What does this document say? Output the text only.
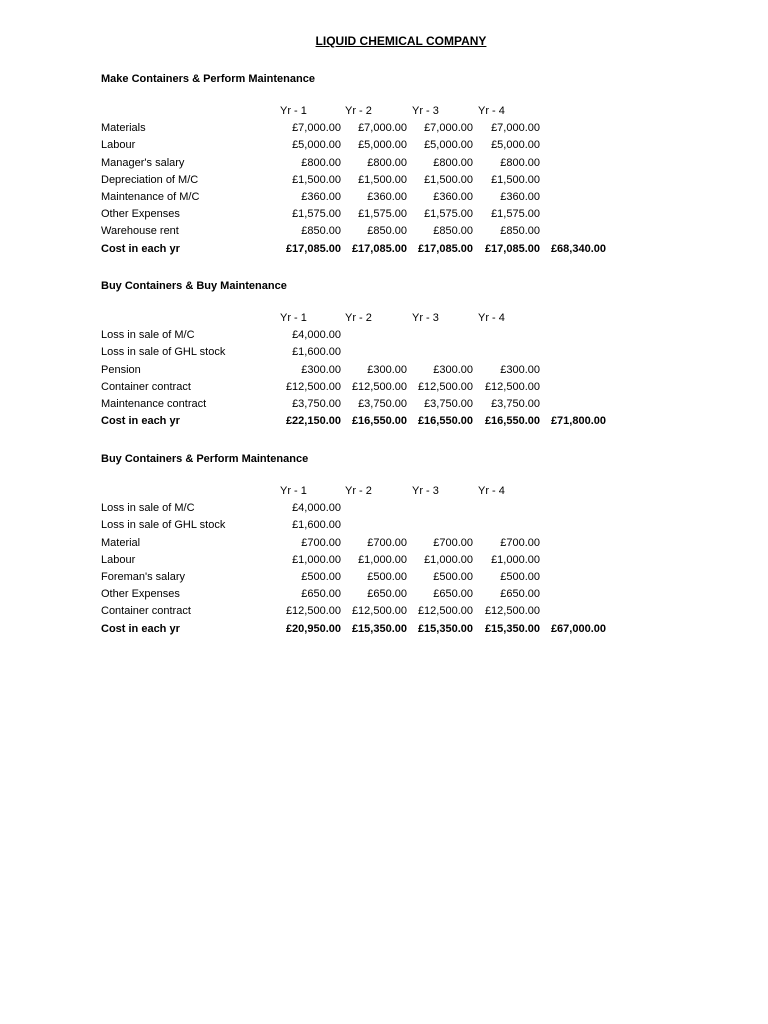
LIQUID CHEMICAL COMPANY
Make Containers & Perform Maintenance
Yr - 1	Yr - 2	Yr - 3	Yr - 4
Materials	£7,000.00	£7,000.00	£7,000.00	£7,000.00
Labour	£5,000.00	£5,000.00	£5,000.00	£5,000.00
Manager's salary	£800.00	£800.00	£800.00	£800.00
Depreciation of M/C	£1,500.00	£1,500.00	£1,500.00	£1,500.00
Maintenance of M/C	£360.00	£360.00	£360.00	£360.00
Other Expenses	£1,575.00	£1,575.00	£1,575.00	£1,575.00
Warehouse rent	£850.00	£850.00	£850.00	£850.00
Cost in each yr	£17,085.00 £17,085.00 £17,085.00	£17,085.00 £68,340.00
Buy Containers & Buy Maintenance
Yr - 1	Yr - 2	Yr - 3	Yr - 4
Loss in sale of M/C	£4,000.00
Loss in sale of GHL stock	£1,600.00
Pension	£300.00	£300.00	£300.00	£300.00
Container contract	£12,500.00 £12,500.00 £12,500.00	£12,500.00
Maintenance contract	£3,750.00	£3,750.00	£3,750.00	£3,750.00
Cost in each yr	£22,150.00 £16,550.00 £16,550.00	£16,550.00 £71,800.00
Buy Containers & Perform Maintenance
Yr - 1	Yr - 2	Yr - 3	Yr - 4
Loss in sale of M/C	£4,000.00
Loss in sale of GHL stock	£1,600.00
Material	£700.00	£700.00	£700.00	£700.00
Labour	£1,000.00	£1,000.00	£1,000.00	£1,000.00
Foreman's salary	£500.00	£500.00	£500.00	£500.00
Other Expenses	£650.00	£650.00	£650.00	£650.00
Container contract	£12,500.00 £12,500.00 £12,500.00	£12,500.00
Cost in each yr	£20,950.00 £15,350.00 £15,350.00	£15,350.00 £67,000.00
